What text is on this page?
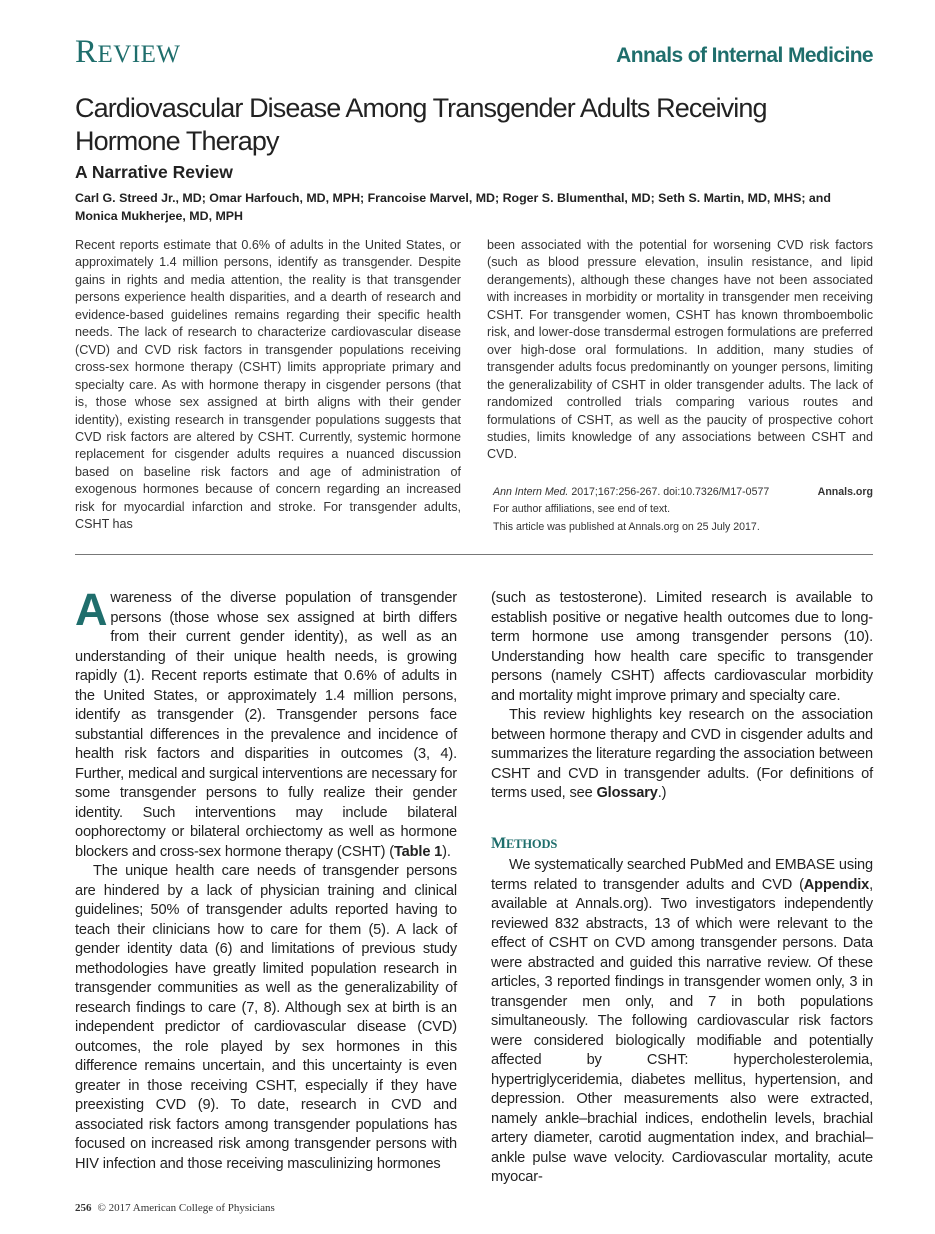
REVIEW	Annals of Internal Medicine
Cardiovascular Disease Among Transgender Adults Receiving Hormone Therapy
A Narrative Review
Carl G. Streed Jr., MD; Omar Harfouch, MD, MPH; Francoise Marvel, MD; Roger S. Blumenthal, MD; Seth S. Martin, MD, MHS; and Monica Mukherjee, MD, MPH
Recent reports estimate that 0.6% of adults in the United States, or approximately 1.4 million persons, identify as transgender. Despite gains in rights and media attention, the reality is that transgender persons experience health disparities, and a dearth of research and evidence-based guidelines remains regarding their specific health needs. The lack of research to characterize cardiovascular disease (CVD) and CVD risk factors in transgender populations receiving cross-sex hormone therapy (CSHT) limits appropriate primary and specialty care. As with hormone therapy in cisgender persons (that is, those whose sex assigned at birth aligns with their gender identity), existing research in transgender populations suggests that CVD risk factors are altered by CSHT. Currently, systemic hormone replacement for cisgender adults requires a nuanced discussion based on baseline risk factors and age of administration of exogenous hormones because of concern regarding an increased risk for myocardial infarction and stroke. For transgender adults, CSHT has
been associated with the potential for worsening CVD risk factors (such as blood pressure elevation, insulin resistance, and lipid derangements), although these changes have not been associated with increases in morbidity or mortality in transgender men receiving CSHT. For transgender women, CSHT has known thromboembolic risk, and lower-dose transdermal estrogen formulations are preferred over high-dose oral formulations. In addition, many studies of transgender adults focus predominantly on younger persons, limiting the generalizability of CSHT in older transgender adults. The lack of randomized controlled trials comparing various routes and formulations of CSHT, as well as the paucity of prospective cohort studies, limits knowledge of any associations between CSHT and CVD.
Ann Intern Med. 2017;167:256-267. doi:10.7326/M17-0577	Annals.org
For author affiliations, see end of text.
This article was published at Annals.org on 25 July 2017.

Awareness of the diverse population of transgender persons (those whose sex assigned at birth differs from their current gender identity), as well as an understanding of their unique health needs, is growing rapidly (1). Recent reports estimate that 0.6% of adults in the United States, or approximately 1.4 million persons, identify as transgender (2). Transgender persons face substantial differences in the prevalence and incidence of health risk factors and disparities in outcomes (3, 4). Further, medical and surgical interventions are necessary for some transgender persons to fully realize their gender identity. Such interventions may include bilateral oophorectomy or bilateral orchiectomy as well as hormone blockers and cross-sex hormone therapy (CSHT) (Table 1).

The unique health care needs of transgender persons are hindered by a lack of physician training and clinical guidelines; 50% of transgender adults reported having to teach their clinicians how to care for them (5). A lack of gender identity data (6) and limitations of previous study methodologies have greatly limited population research in transgender communities as well as the generalizability of research findings to care (7, 8). Although sex at birth is an independent predictor of cardiovascular disease (CVD) outcomes, the role played by sex hormones in this difference remains uncertain, and this uncertainty is even greater in those receiving CSHT, especially if they have preexisting CVD (9). To date, research in CVD and associated risk factors among transgender populations has focused on increased risk among transgender persons with HIV infection and those receiving masculinizing hormones

(such as testosterone). Limited research is available to establish positive or negative health outcomes due to long-term hormone use among transgender persons (10). Understanding how health care specific to transgender persons (namely CSHT) affects cardiovascular morbidity and mortality might improve primary and specialty care.

This review highlights key research on the association between hormone therapy and CVD in cisgender adults and summarizes the literature regarding the association between CSHT and CVD in transgender adults. (For definitions of terms used, see Glossary.)

METHODS

We systematically searched PubMed and EMBASE using terms related to transgender adults and CVD (Appendix, available at Annals.org). Two investigators independently reviewed 832 abstracts, 13 of which were relevant to the effect of CSHT on CVD among transgender persons. Data were abstracted and guided this narrative review. Of these articles, 3 reported findings in transgender women only, 3 in transgender men only, and 7 in both populations simultaneously. The following cardiovascular risk factors were considered biologically modifiable and potentially affected by CSHT: hypercholesterolemia, hypertriglyceridemia, diabetes mellitus, hypertension, and depression. Other measurements also were extracted, namely ankle–brachial indices, endothelin levels, brachial artery diameter, carotid augmentation index, and brachial–ankle pulse wave velocity. Cardiovascular mortality, acute myocar-

256 © 2017 American College of Physicians
